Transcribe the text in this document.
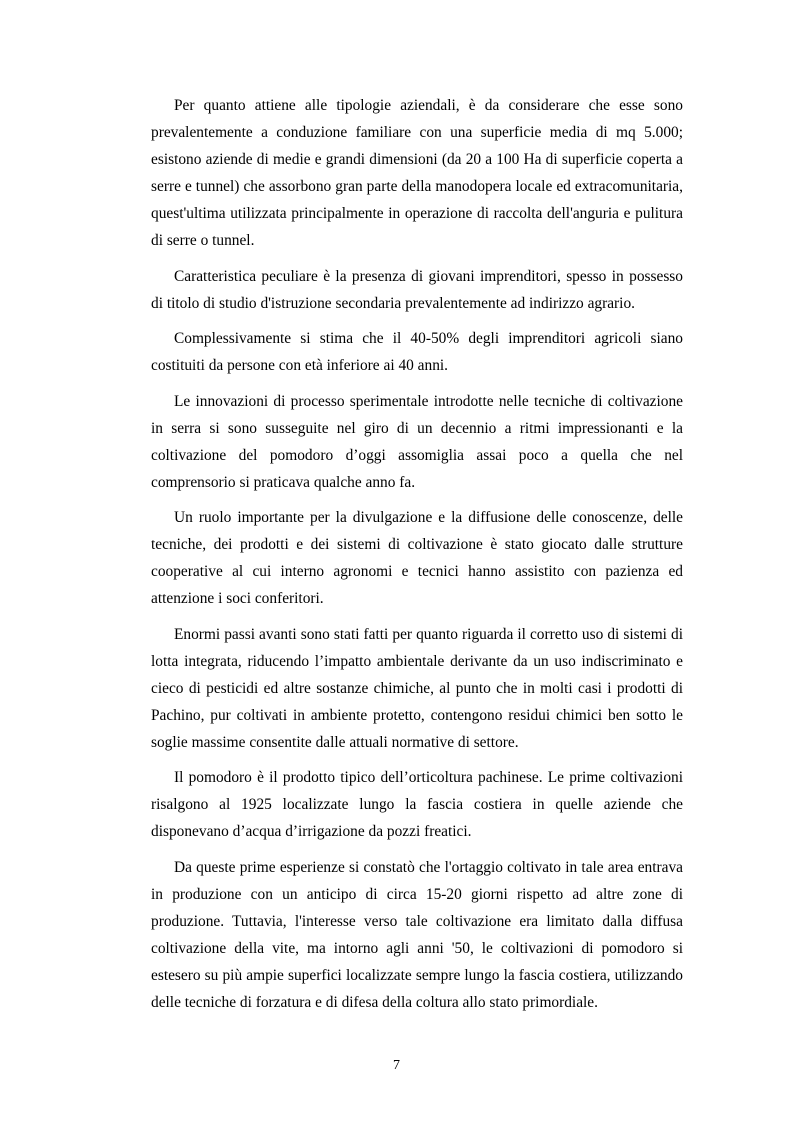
Per quanto attiene alle tipologie aziendali, è da considerare che esse sono prevalentemente a conduzione familiare con una superficie media di mq 5.000; esistono aziende di medie e grandi dimensioni (da 20 a 100 Ha di superficie coperta a serre e tunnel) che assorbono gran parte della manodopera locale ed extracomunitaria, quest'ultima utilizzata principalmente in operazione di raccolta dell'anguria e pulitura di serre o tunnel.

Caratteristica peculiare è la presenza di giovani imprenditori, spesso in possesso di titolo di studio d'istruzione secondaria prevalentemente ad indirizzo agrario.

Complessivamente si stima che il 40-50% degli imprenditori agricoli siano costituiti da persone con età inferiore ai 40 anni.

Le innovazioni di processo sperimentale introdotte nelle tecniche di coltivazione in serra si sono susseguite nel giro di un decennio a ritmi impressionanti e la coltivazione del pomodoro d’oggi assomiglia assai poco a quella che nel comprensorio si praticava qualche anno fa.

Un ruolo importante per la divulgazione e la diffusione delle conoscenze, delle tecniche, dei prodotti e dei sistemi di coltivazione è stato giocato dalle strutture cooperative al cui interno agronomi e tecnici hanno assistito con pazienza ed attenzione i soci conferitori.

Enormi passi avanti sono stati fatti per quanto riguarda il corretto uso di sistemi di lotta integrata, riducendo l’impatto ambientale derivante da un uso indiscriminato e cieco di pesticidi ed altre sostanze chimiche, al punto che in molti casi i prodotti di Pachino, pur coltivati in ambiente protetto, contengono residui chimici ben sotto le soglie massime consentite dalle attuali normative di settore.

Il pomodoro è il prodotto tipico dell’orticoltura pachinese. Le prime coltivazioni risalgono al 1925 localizzate lungo la fascia costiera in quelle aziende che disponevano d’acqua d’irrigazione da pozzi freatici.

Da queste prime esperienze si constatò che l'ortaggio coltivato in tale area entrava in produzione con un anticipo di circa 15-20 giorni rispetto ad altre zone di produzione. Tuttavia, l'interesse verso tale coltivazione era limitato dalla diffusa coltivazione della vite, ma intorno agli anni '50, le coltivazioni di pomodoro si estesero su più ampie superfici localizzate sempre lungo la fascia costiera, utilizzando delle tecniche di forzatura e di difesa della coltura allo stato primordiale.

7
